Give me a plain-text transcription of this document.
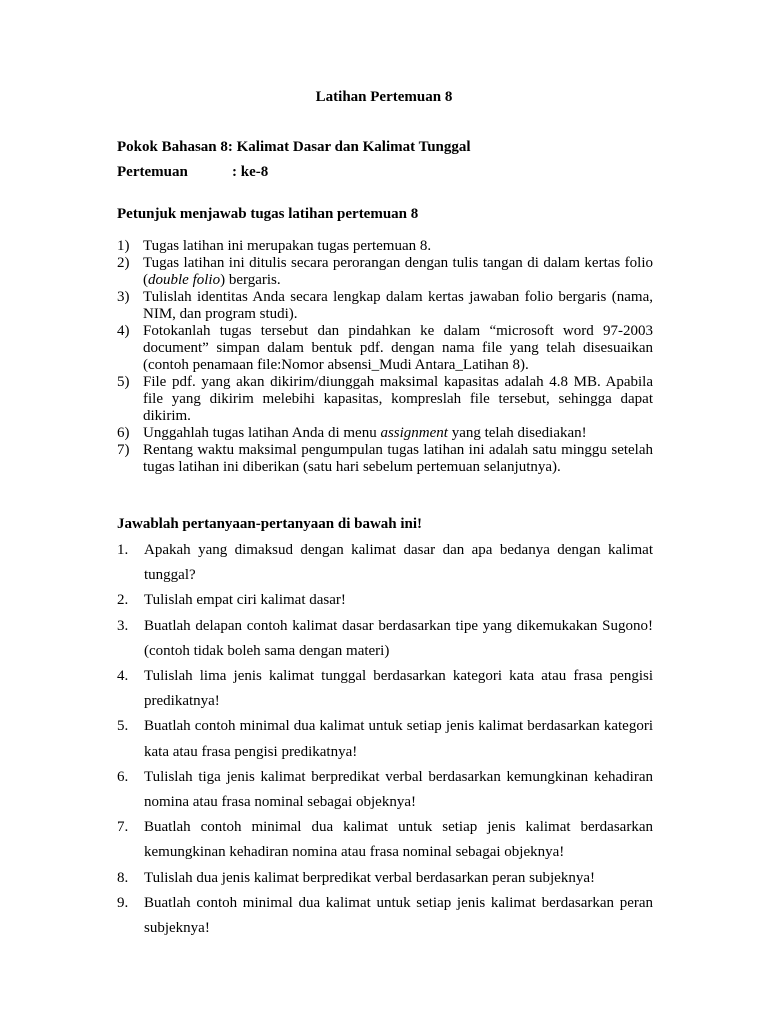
Latihan Pertemuan 8
Pokok Bahasan 8: Kalimat Dasar dan Kalimat Tunggal
Pertemuan	: ke-8
Petunjuk menjawab tugas latihan pertemuan 8
1) Tugas latihan ini merupakan tugas pertemuan 8.
2) Tugas latihan ini ditulis secara perorangan dengan tulis tangan di dalam kertas folio (double folio) bergaris.
3) Tulislah identitas Anda secara lengkap dalam kertas jawaban folio bergaris (nama, NIM, dan program studi).
4) Fotokanlah tugas tersebut dan pindahkan ke dalam “microsoft word 97-2003 document” simpan dalam bentuk pdf. dengan nama file yang telah disesuaikan (contoh penamaan file:Nomor absensi_Mudi Antara_Latihan 8).
5) File pdf. yang akan dikirim/diunggah maksimal kapasitas adalah 4.8 MB. Apabila file yang dikirim melebihi kapasitas, kompreslah file tersebut, sehingga dapat dikirim.
6) Unggahlah tugas latihan Anda di menu assignment yang telah disediakan!
7) Rentang waktu maksimal pengumpulan tugas latihan ini adalah satu minggu setelah tugas latihan ini diberikan (satu hari sebelum pertemuan selanjutnya).
Jawablah pertanyaan-pertanyaan di bawah ini!
1. Apakah yang dimaksud dengan kalimat dasar dan apa bedanya dengan kalimat tunggal?
2. Tulislah empat ciri kalimat dasar!
3. Buatlah delapan contoh kalimat dasar berdasarkan tipe yang dikemukakan Sugono! (contoh tidak boleh sama dengan materi)
4. Tulislah lima jenis kalimat tunggal berdasarkan kategori kata atau frasa pengisi predikatnya!
5. Buatlah contoh minimal dua kalimat untuk setiap jenis kalimat berdasarkan kategori kata atau frasa pengisi predikatnya!
6. Tulislah tiga jenis kalimat berpredikat verbal berdasarkan kemungkinan kehadiran nomina atau frasa nominal sebagai objeknya!
7. Buatlah contoh minimal dua kalimat untuk setiap jenis kalimat berdasarkan kemungkinan kehadiran nomina atau frasa nominal sebagai objeknya!
8. Tulislah dua jenis kalimat berpredikat verbal berdasarkan peran subjeknya!
9. Buatlah contoh minimal dua kalimat untuk setiap jenis kalimat berdasarkan peran subjeknya!
